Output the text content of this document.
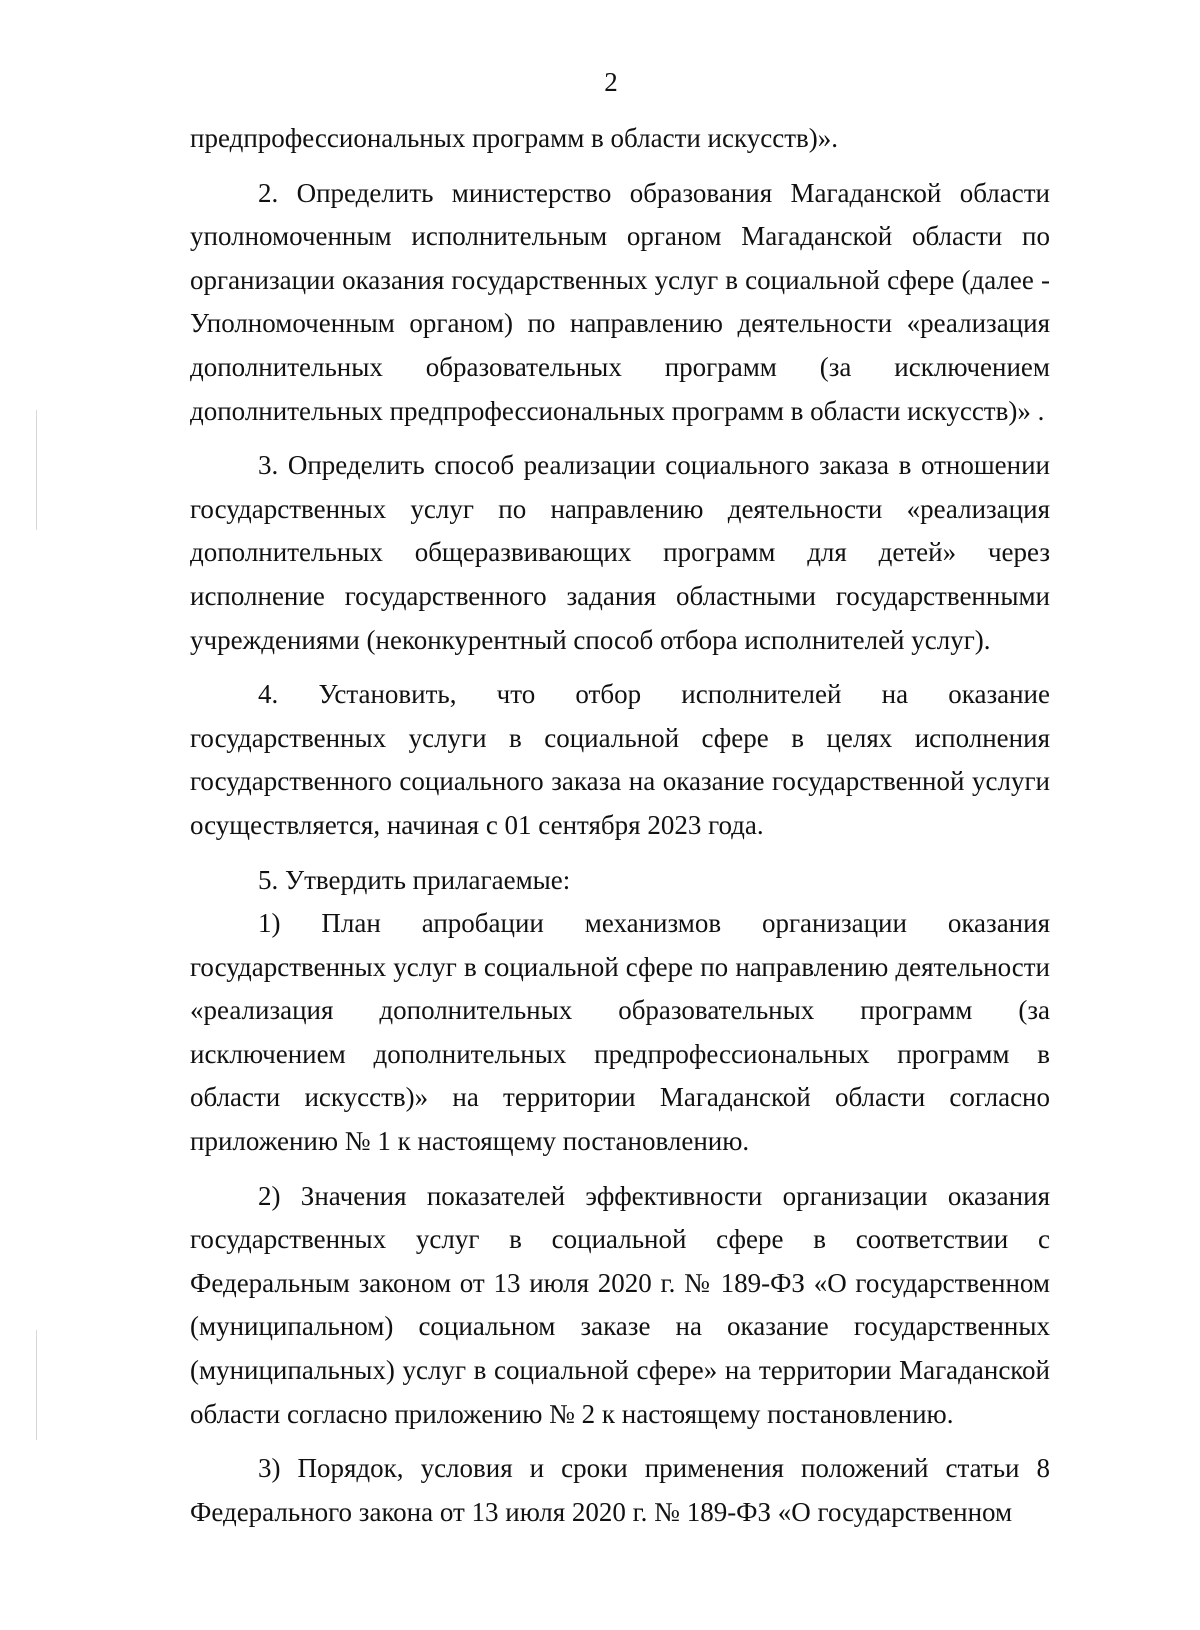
2

предпрофессиональных программ в области искусств)».

2. Определить министерство образования Магаданской области уполномоченным исполнительным органом Магаданской области по организации оказания государственных услуг в социальной сфере (далее - Уполномоченным органом) по направлению деятельности «реализация дополнительных образовательных программ (за исключением дополнительных предпрофессиональных программ в области искусств)» .

3. Определить способ реализации социального заказа в отношении государственных услуг по направлению деятельности «реализация дополнительных общеразвивающих программ для детей» через исполнение государственного задания областными государственными учреждениями (неконкурентный способ отбора исполнителей услуг).

4. Установить, что отбор исполнителей на оказание государственных услуги в социальной сфере в целях исполнения государственного социального заказа на оказание государственной услуги осуществляется, начиная с 01 сентября 2023 года.

5. Утвердить прилагаемые:

1) План апробации механизмов организации оказания государственных услуг в социальной сфере по направлению деятельности «реализация дополнительных образовательных программ (за исключением дополнительных предпрофессиональных программ в области искусств)» на территории Магаданской области согласно приложению № 1 к настоящему постановлению.

2) Значения показателей эффективности организации оказания государственных услуг в социальной сфере в соответствии с Федеральным законом от 13 июля 2020 г. № 189-ФЗ «О государственном (муниципальном) социальном заказе на оказание государственных (муниципальных) услуг в социальной сфере» на территории Магаданской области согласно приложению № 2 к настоящему постановлению.

3) Порядок, условия и сроки применения положений статьи 8 Федерального закона от 13 июля 2020 г. № 189-ФЗ «О государственном
